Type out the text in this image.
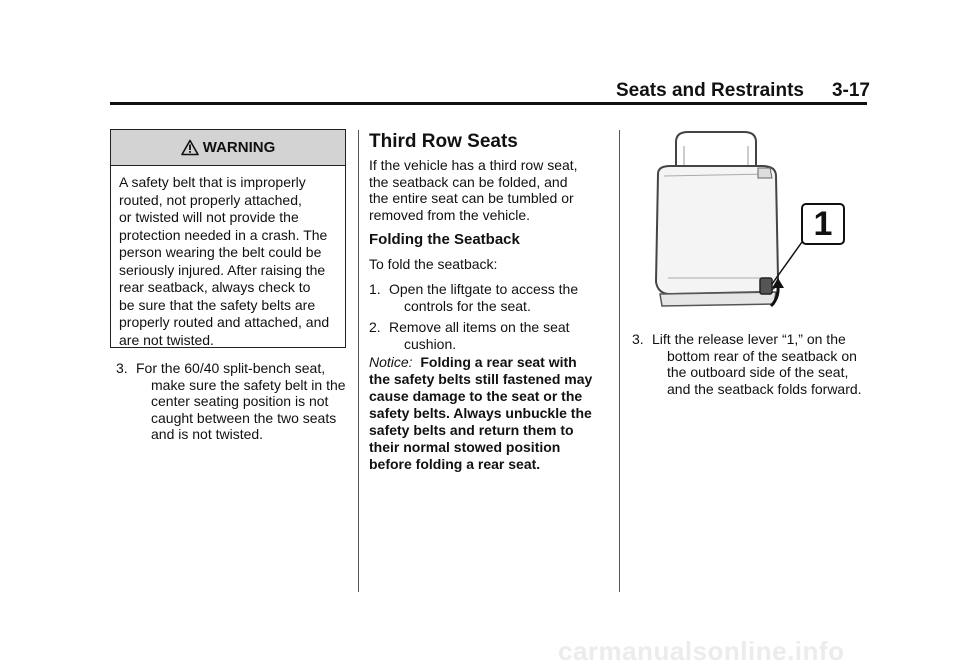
Seats and Restraints 3-17
WARNING
A safety belt that is improperly
routed, not properly attached,
or twisted will not provide the
protection needed in a crash. The
person wearing the belt could be
seriously injured. After raising the
rear seatback, always check to
be sure that the safety belts are
properly routed and attached, and
are not twisted.
3. For the 60/40 split-bench seat,
make sure the safety belt in the
center seating position is not
caught between the two seats
and is not twisted.
Third Row Seats
If the vehicle has a third row seat,
the seatback can be folded, and
the entire seat can be tumbled or
removed from the vehicle.
Folding the Seatback
To fold the seatback:
1. Open the liftgate to access the
controls for the seat.
2. Remove all items on the seat
cushion.
Notice: Folding a rear seat with
the safety belts still fastened may
cause damage to the seat or the
safety belts. Always unbuckle the
safety belts and return them to
their normal stowed position
before folding a rear seat.
1
3. Lift the release lever “1,” on the
bottom rear of the seatback on
the outboard side of the seat,
and the seatback folds forward.
carmanualsonline.info
